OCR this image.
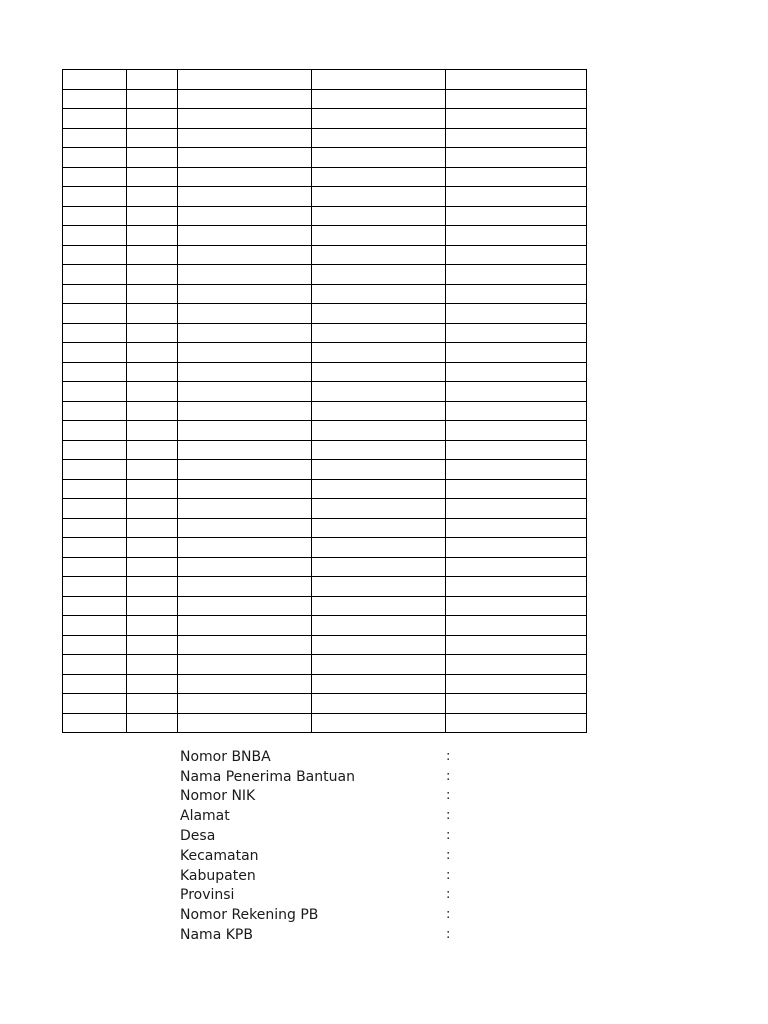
Nomor BNBA	:
Nama Penerima Bantuan	:
Nomor NIK	:
Alamat	:
Desa	:
Kecamatan	:
Kabupaten	:
Provinsi	:
Nomor Rekening PB	:
Nama KPB	:
